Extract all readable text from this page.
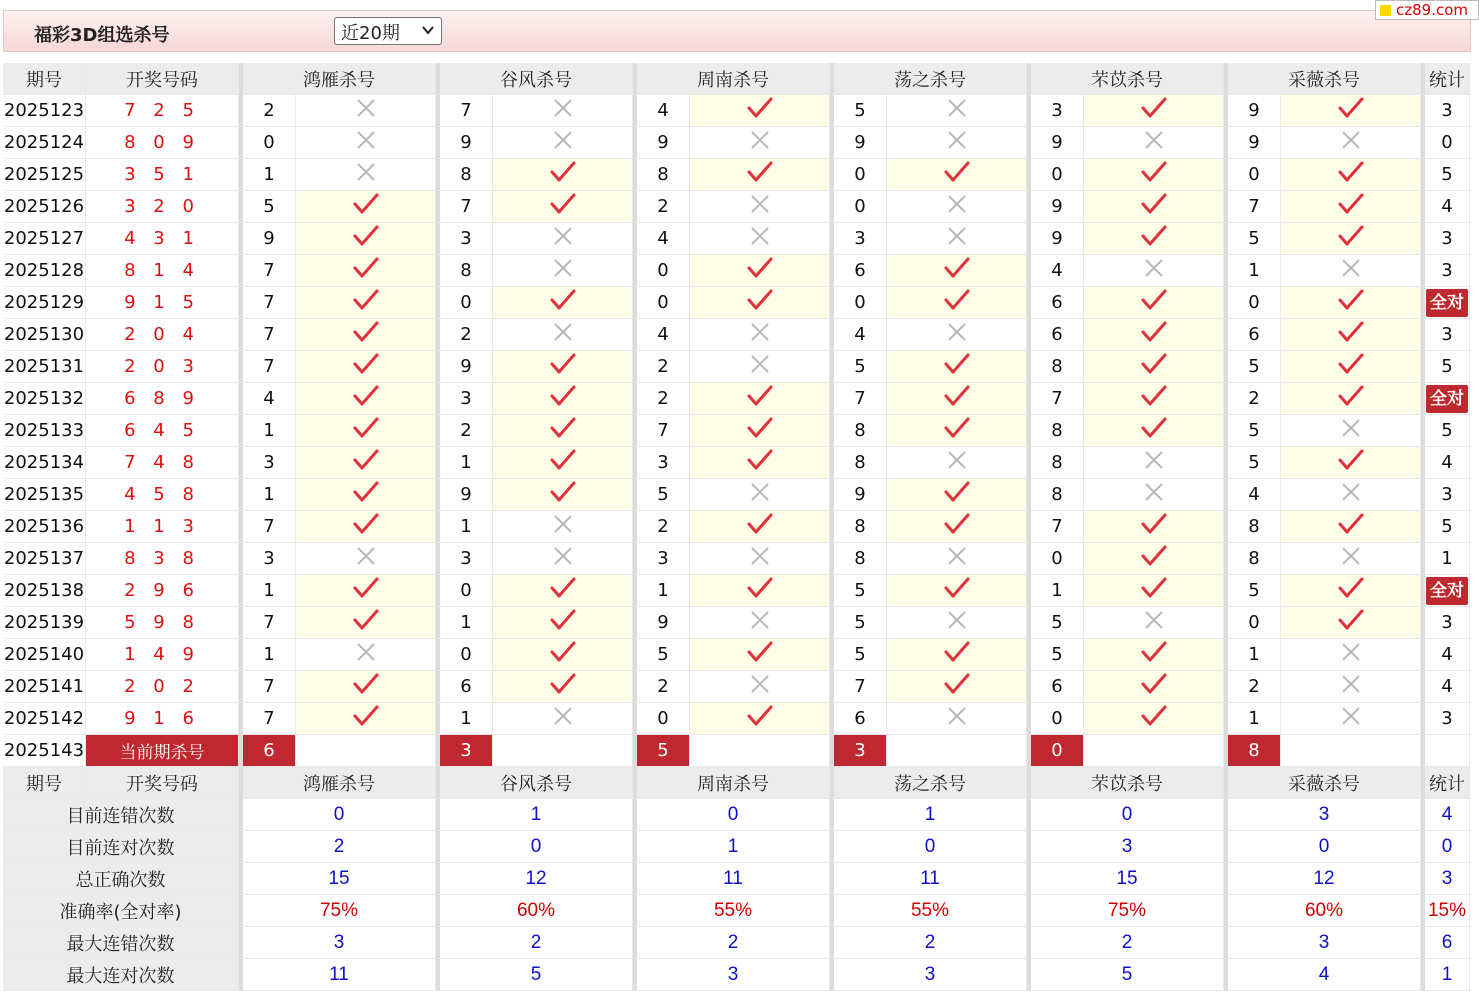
福彩3D组选杀号	近20期
cz89.com
期号	开奖号码	鸿雁杀号		谷风杀号		周南杀号		荡之杀号		芣苡杀号		采薇杀号		统计
2025123	7 2 5	2		7		4		5		3		9		3
2025124	8 0 9	0		9		9		9		9		9		0
2025125	3 5 1	1		8		8		0		0		0		5
2025126	3 2 0	5		7		2		0		9		7		4
2025127	4 3 1	9		3		4		3		9		5		3
2025128	8 1 4	7		8		0		6		4		1		3
2025129	9 1 5	7		0		0		0		6		0		全对
2025130	2 0 4	7		2		4		4		6		6		3
2025131	2 0 3	7		9		2		5		8		5		5
2025132	6 8 9	4		3		2		7		7		2		全对
2025133	6 4 5	1		2		7		8		8		5		5
2025134	7 4 8	3		1		3		8		8		5		4
2025135	4 5 8	1		9		5		9		8		4		3
2025136	1 1 3	7		1		2		8		7		8		5
2025137	8 3 8	3		3		3		8		0		8		1
2025138	2 9 6	1		0		1		5		1		5		全对
2025139	5 9 8	7		1		9		5		5		0		3
2025140	1 4 9	1		0		5		5		5		1		4
2025141	2 0 2	7		6		2		7		6		2		4
2025142	9 1 6	7		1		0		6		0		1		3
2025143	当前期杀号	6		3		5		3		0		8		
期号	开奖号码	鸿雁杀号		谷风杀号		周南杀号		荡之杀号		芣苡杀号		采薇杀号		统计
目前连错次数		0		1		0		1		0		3		4
目前连对次数		2		0		1		0		3		0		0
总正确次数		15		12		11		11		15		12		3
准确率(全对率)		75%		60%		55%		55%		75%		60%		15%
最大连错次数		3		2		2		2		2		3		6
最大连对次数		11		5		3		3		5		4		1
